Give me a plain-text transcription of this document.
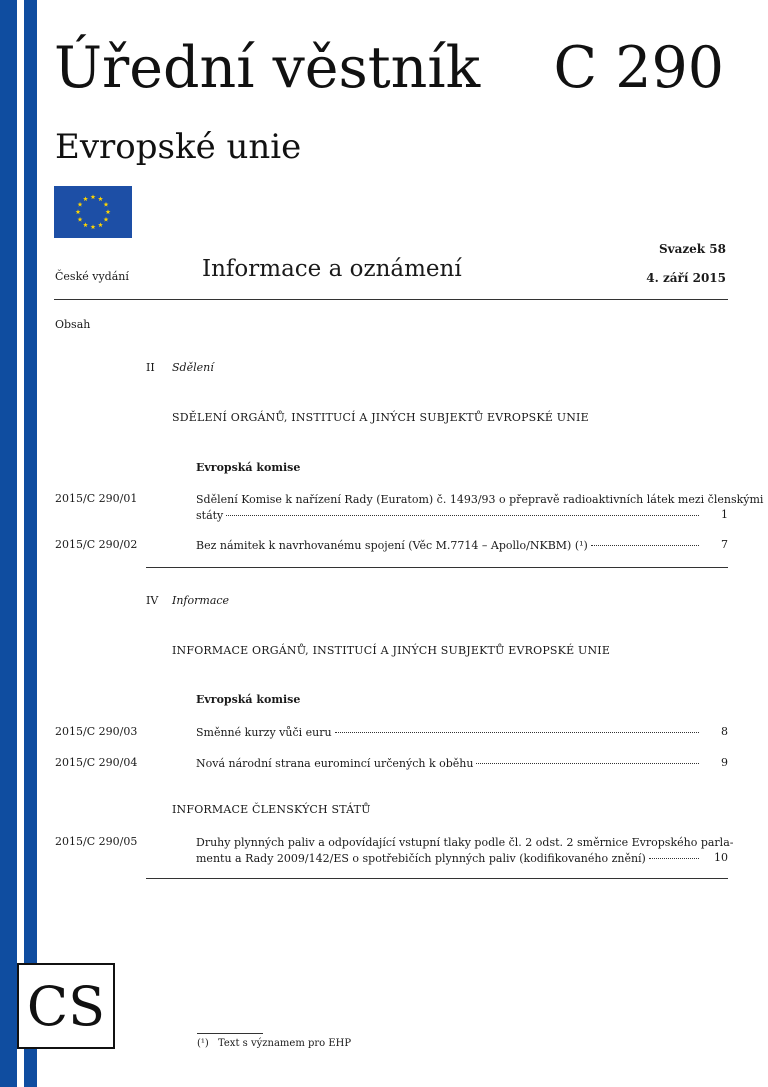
Úřední věstník C 290
Evropské unie
Svazek 58
České vydání	Informace a oznámení	4. září 2015
Obsah
II Sdělení
SDĚLENÍ ORGÁNŮ, INSTITUCÍ A JINÝCH SUBJEKTŮ EVROPSKÉ UNIE
Evropská komise
2015/C 290/01	Sdělení Komise k nařízení Rady (Euratom) č. 1493/93 o přepravě radioaktivních látek mezi členskými
státy	1
2015/C 290/02	Bez námitek k navrhovanému spojení (Věc M.7714 – Apollo/NKBM) (¹)	7
IV Informace
INFORMACE ORGÁNŮ, INSTITUCÍ A JINÝCH SUBJEKTŮ EVROPSKÉ UNIE
Evropská komise
2015/C 290/03	Směnné kurzy vůči euru	8
2015/C 290/04	Nová národní strana euromincí určených k oběhu	9
INFORMACE ČLENSKÝCH STÁTŮ
2015/C 290/05	Druhy plynných paliv a odpovídající vstupní tlaky podle čl. 2 odst. 2 směrnice Evropského parla-
mentu a Rady 2009/142/ES o spotřebičích plynných paliv (kodifikovaného znění)	10
CS
(¹) Text s významem pro EHP
